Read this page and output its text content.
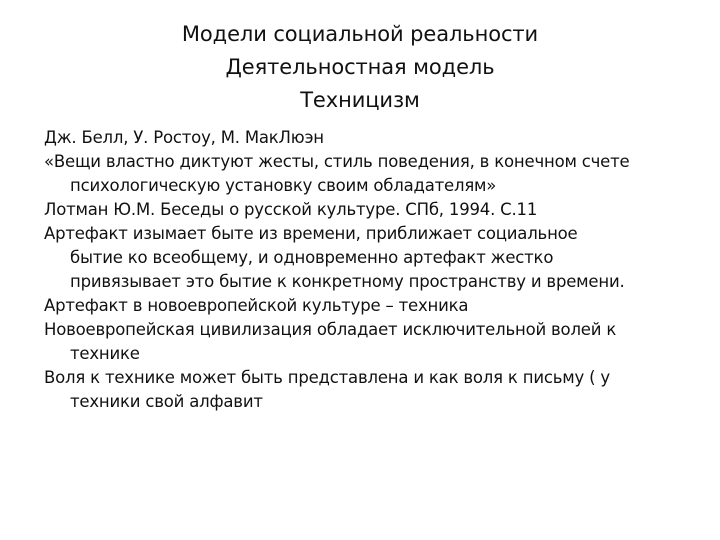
Модели социальной реальности
Деятельностная модель
Техницизм
Дж. Белл, У. Ростоу, М. МакЛюэн
«Вещи властно диктуют жесты, стиль поведения, в конечном счете
психологическую установку своим обладателям»
Лотман Ю.М. Беседы о русской культуре. СПб, 1994. С.11
Артефакт изымает быте из времени, приближает социальное
бытие ко всеобщему, и одновременно артефакт жестко
привязывает это бытие к конкретному пространству и времени.
Артефакт в новоевропейской культуре – техника
Новоевропейская цивилизация обладает исключительной волей к
технике
Воля к технике может быть представлена и как воля к письму ( у
техники свой алфавит
